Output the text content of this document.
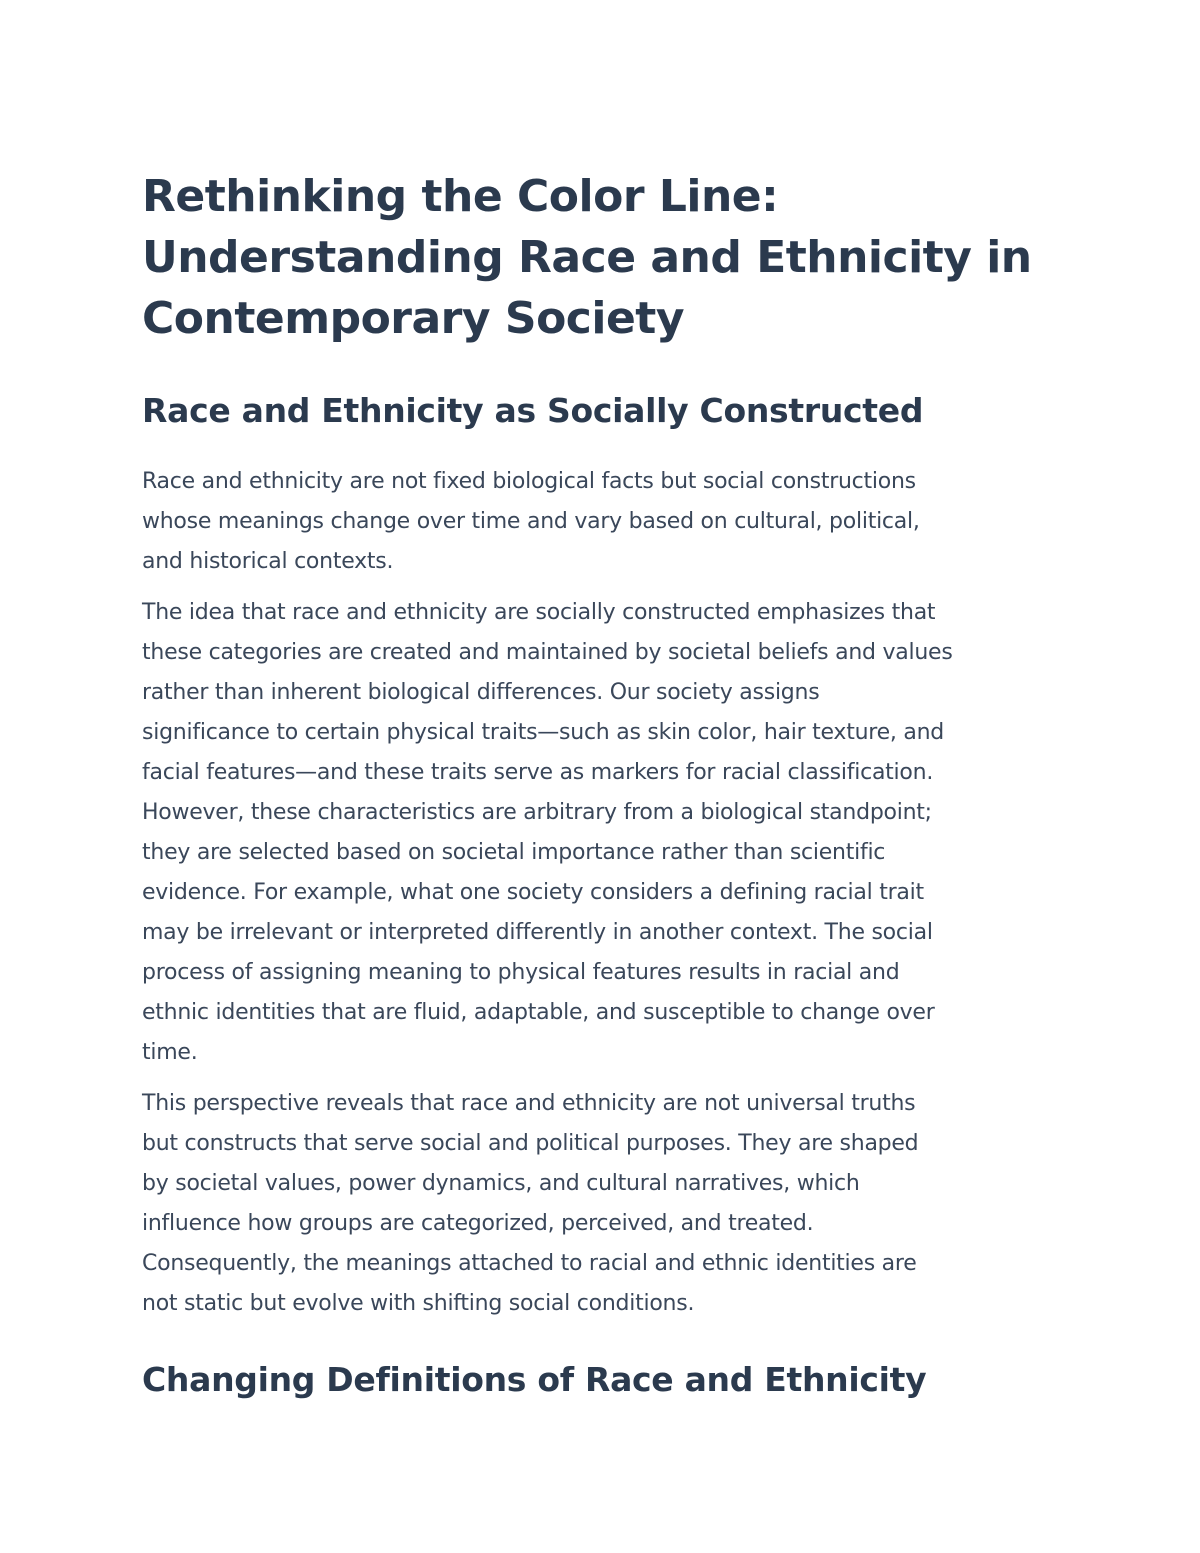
Rethinking the Color Line:
Understanding Race and Ethnicity in
Contemporary Society
Race and Ethnicity as Socially Constructed

Race and ethnicity are not fixed biological facts but social constructions
whose meanings change over time and vary based on cultural, political,
and historical contexts.

The idea that race and ethnicity are socially constructed emphasizes that
these categories are created and maintained by societal beliefs and values
rather than inherent biological differences. Our society assigns
significance to certain physical traits—such as skin color, hair texture, and
facial features—and these traits serve as markers for racial classification.
However, these characteristics are arbitrary from a biological standpoint;
they are selected based on societal importance rather than scientific
evidence. For example, what one society considers a defining racial trait
may be irrelevant or interpreted differently in another context. The social
process of assigning meaning to physical features results in racial and
ethnic identities that are fluid, adaptable, and susceptible to change over
time.

This perspective reveals that race and ethnicity are not universal truths
but constructs that serve social and political purposes. They are shaped
by societal values, power dynamics, and cultural narratives, which
influence how groups are categorized, perceived, and treated.
Consequently, the meanings attached to racial and ethnic identities are
not static but evolve with shifting social conditions.

Changing Definitions of Race and Ethnicity
